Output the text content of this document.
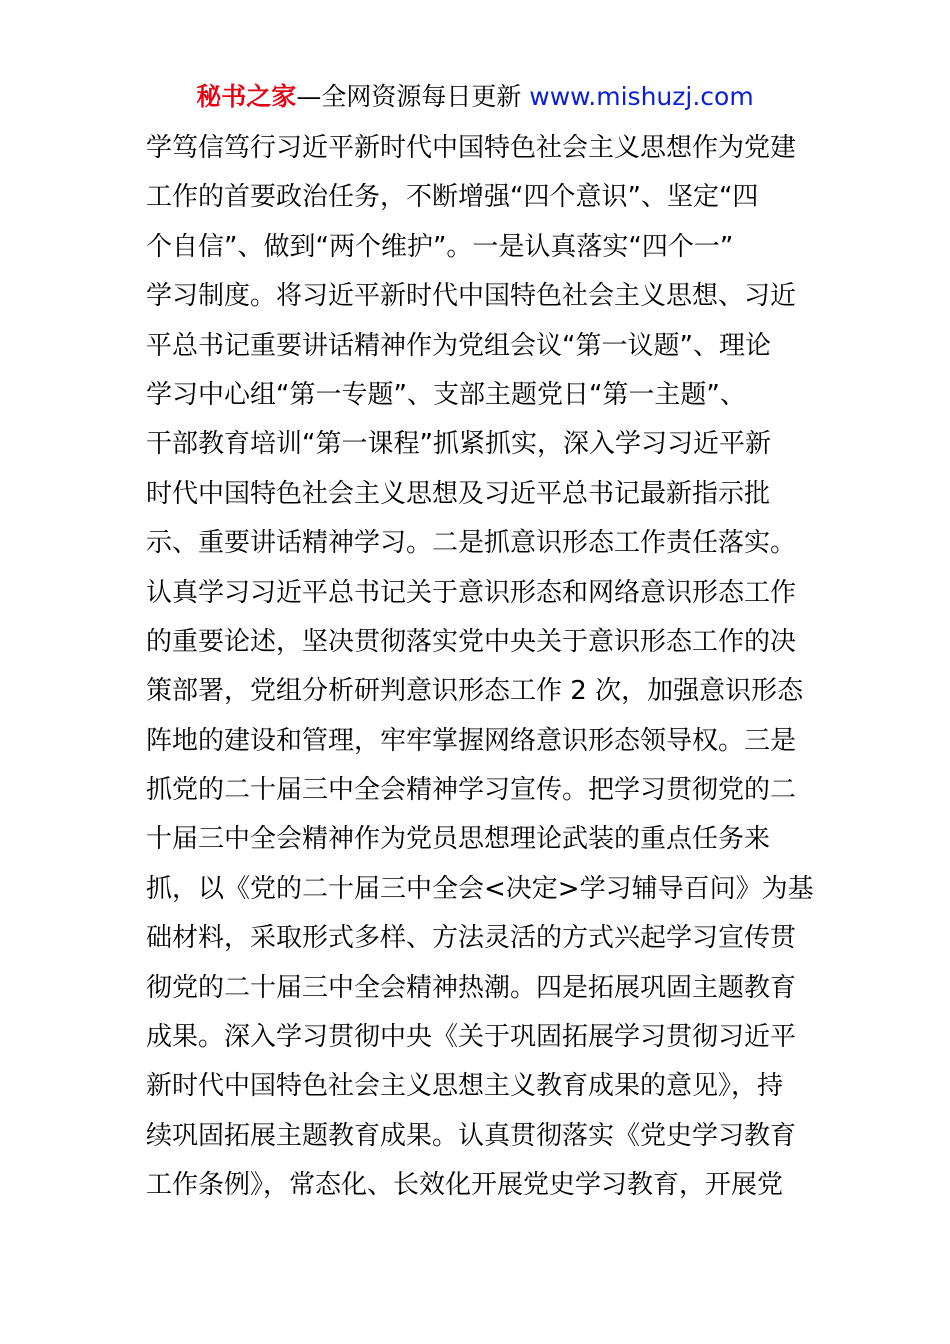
秘书之家—全网资源每日更新 www.mishuzj.com
学笃信笃行习近平新时代中国特色社会主义思想作为党建
工作的首要政治任务，不断增强“四个意识”、坚定“四
个自信”、做到“两个维护”。一是认真落实“四个一”
学习制度。将习近平新时代中国特色社会主义思想、习近
平总书记重要讲话精神作为党组会议“第一议题”、理论
学习中心组“第一专题”、支部主题党日“第一主题”、
干部教育培训“第一课程”抓紧抓实，深入学习习近平新
时代中国特色社会主义思想及习近平总书记最新指示批
示、重要讲话精神学习。二是抓意识形态工作责任落实。
认真学习习近平总书记关于意识形态和网络意识形态工作
的重要论述，坚决贯彻落实党中央关于意识形态工作的决
策部署，党组分析研判意识形态工作 2 次，加强意识形态
阵地的建设和管理，牢牢掌握网络意识形态领导权。三是
抓党的二十届三中全会精神学习宣传。把学习贯彻党的二
十届三中全会精神作为党员思想理论武装的重点任务来
抓，以《党的二十届三中全会<决定>学习辅导百问》为基
础材料，采取形式多样、方法灵活的方式兴起学习宣传贯
彻党的二十届三中全会精神热潮。四是拓展巩固主题教育
成果。深入学习贯彻中央《关于巩固拓展学习贯彻习近平
新时代中国特色社会主义思想主义教育成果的意见》，持
续巩固拓展主题教育成果。认真贯彻落实《党史学习教育
工作条例》，常态化、长效化开展党史学习教育，开展党
